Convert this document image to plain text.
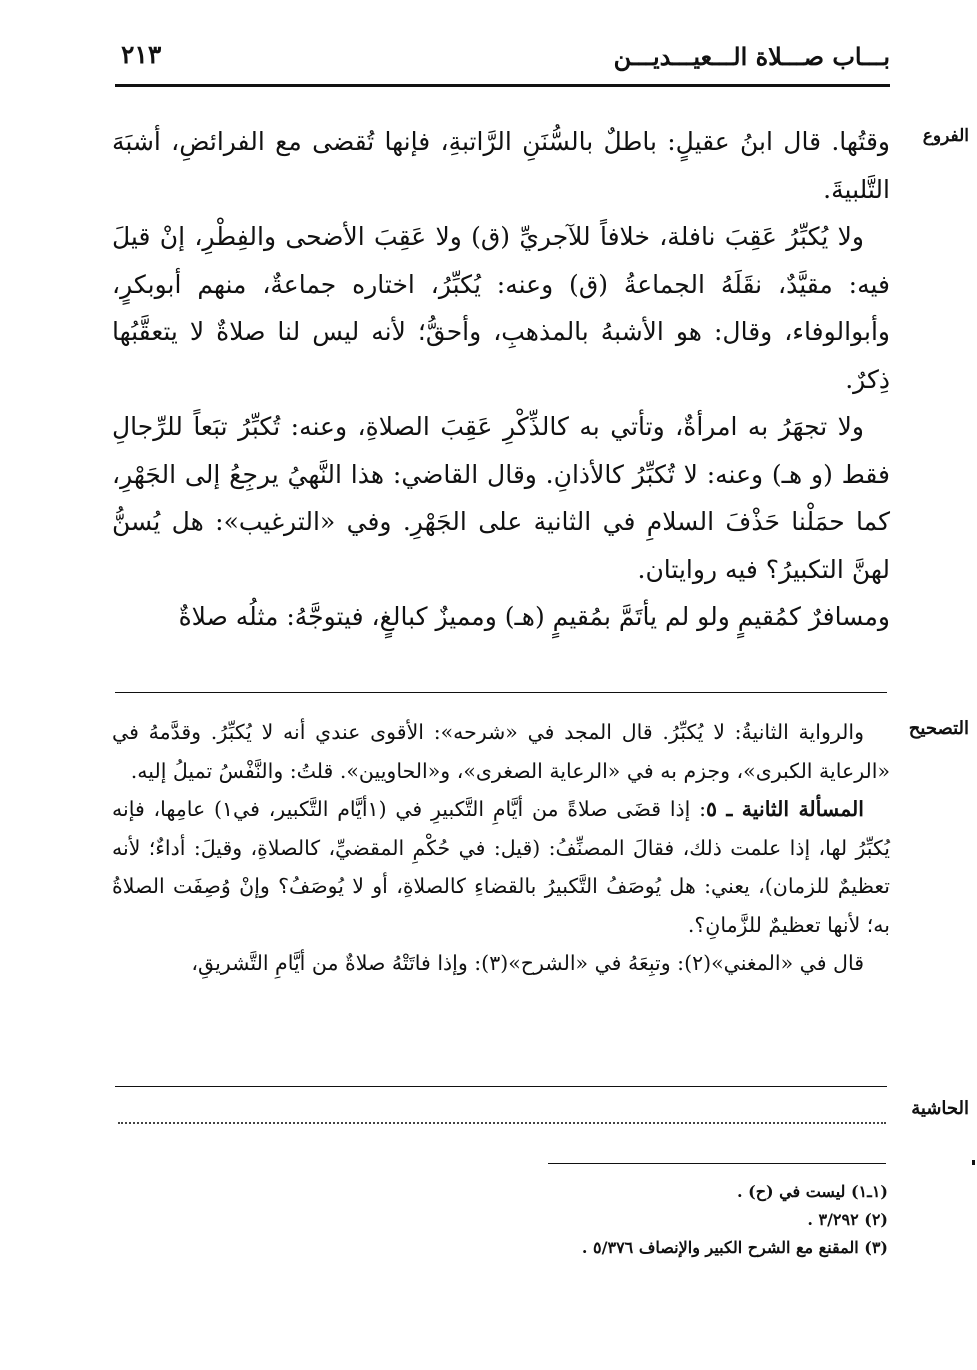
٢١٣	بـــاب صـــلاة الـــعيـــديـــن
الفروع

وقتُها. قال ابنُ عقيلٍ: باطلٌ بالسُّنَنِ الرَّاتبةِ، فإنها تُقضى مع الفرائضِ، أشبَهَ التَّلبيةَ.

ولا يُكبِّرُ عَقِبَ نافلة، خلافاً للآجريِّ (ق) ولا عَقِبَ الأضحى والفِطْرِ، إنْ قيلَ فيه: مقيَّدٌ، نقَلَهُ الجماعةُ (ق) وعنه: يُكبِّرُ، اختاره جماعةٌ، منهم أبوبكرٍ، وأبوالوفاء، وقال: هو الأشبهُ بالمذهبِ، وأحقُّ؛ لأنه ليس لنا صلاةٌ لا يتعقَّبُها ذِكرٌ.

ولا تجهَرُ به امرأةٌ، وتأتي به كالذِّكْرِ عَقِبَ الصلاةِ، وعنه: تُكبِّرُ تبَعاً للرِّجالِ فقط (و هـ) وعنه: لا تُكبِّرُ كالأذانِ. وقال القاضي: هذا النَّهيُ يرجِعُ إلى الجَهْرِ، كما حمَلْنا حَذْفَ السلامِ في الثانية على الجَهْرِ. وفي «الترغيب»: هل يُسنُّ لهنَّ التكبيرُ؟ فيه روايتان.

ومسافرٌ كمُقيمٍ ولو لم يأتَمَّ بمُقيمٍ (هـ) ومميزٌ كبالغٍ، فيتوجَّهُ: مثلُه صلاةٌ

التصحيح

والرواية الثانيةُ: لا يُكبِّرُ. قال المجد في «شرحه»: الأقوى عندي أنه لا يُكبِّرُ. وقدَّمهُ في «الرعاية الكبرى»، وجزم به في «الرعاية الصغرى»، و«الحاويين». قلتُ: والنَّفْسُ تميلُ إليه.

المسألة الثانية ـ ٥: إذا قضَى صلاةً من أيَّامِ التَّكبيرِ في (١أيَّام التَّكبير، في١) عامِها، فإنه يُكبِّرُ لها، إذا علمت ذلك، فقالَ المصنِّفُ: (قيل: في حُكْمِ المقضيِّ، كالصلاةِ، وقيلَ: أداءٌ؛ لأنه تعظيمٌ للزمان)، يعني: هل يُوصَفُ التَّكبيرُ بالقضاءِ كالصلاةِ، أو لا يُوصَفُ؟ وإنْ وُصِفَت الصلاةُ به؛ لأنها تعظيمٌ للزَّمانِ؟.

قال في «المغني»(٢): وتبِعَهُ في «الشرح»(٣): وإذا فاتَتْهُ صلاةٌ من أيَّامِ التَّشريقِ،

الحاشية
(١ـ١) ليست في (ح) .
(٢) ٣/٢٩٢ .
(٣) المقنع مع الشرح الكبير والإنصاف ٥/٣٧٦ .
